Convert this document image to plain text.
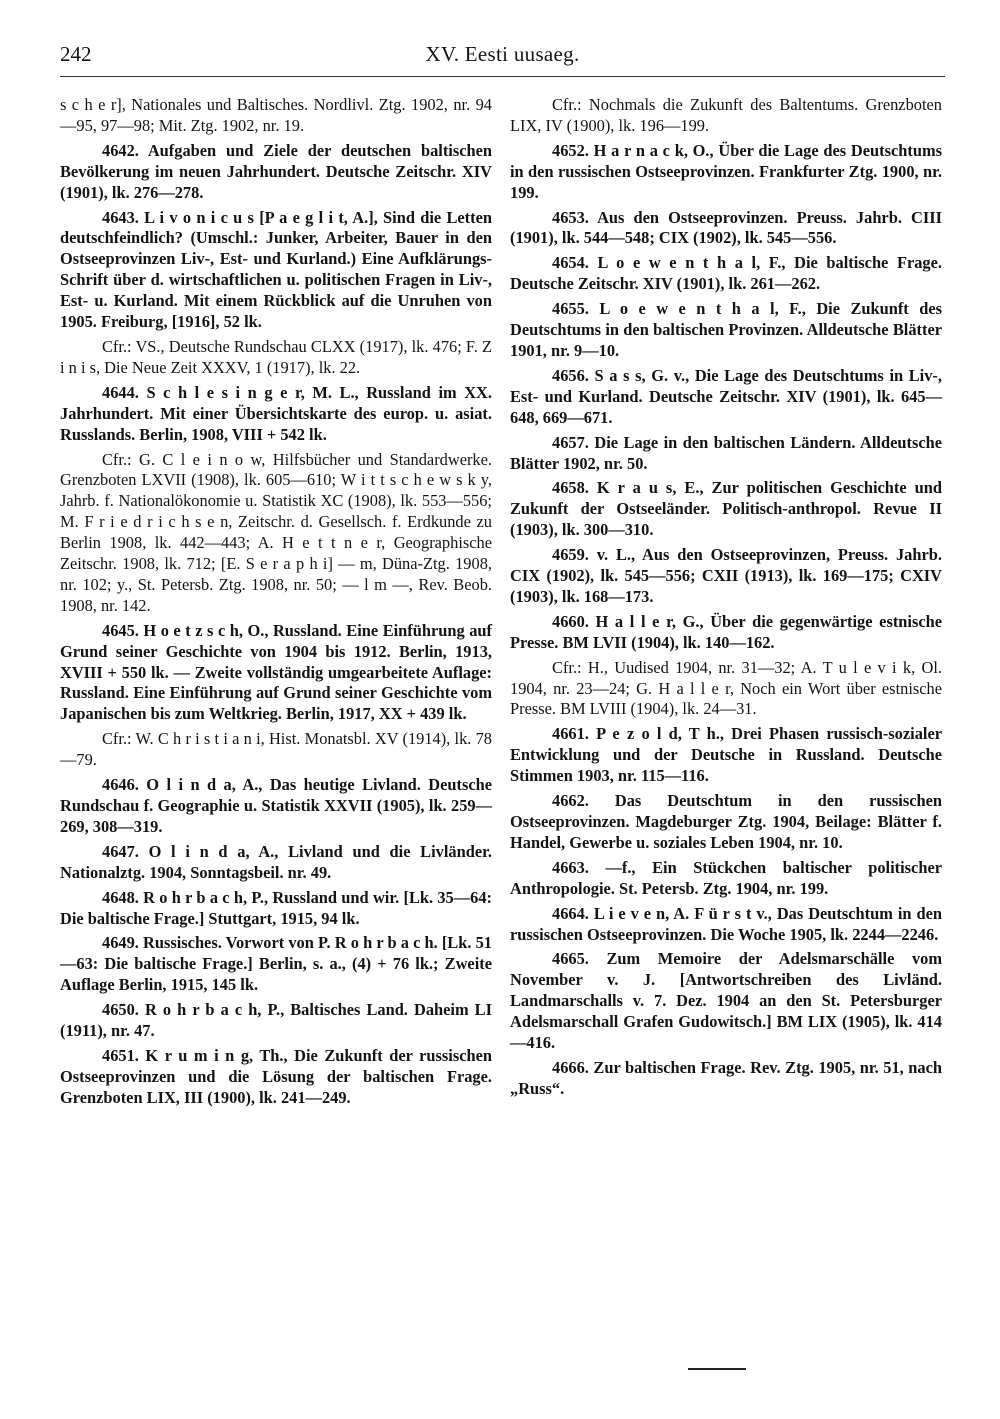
242	XV. Eesti uusaeg.

s c h e r], Nationales und Baltisches. Nordlivl. Ztg. 1902, nr. 94—95, 97—98; Mit. Ztg. 1902, nr. 19.

4642. Aufgaben und Ziele der deutschen baltischen Bevölkerung im neuen Jahrhundert. Deutsche Zeitschr. XIV (1901), lk. 276—278.

4643. L i v o n i c u s [P a e g l i t, A.], Sind die Letten deutschfeindlich? (Umschl.: Junker, Arbeiter, Bauer in den Ostseeprovinzen Liv-, Est- und Kurland.) Eine Aufklärungs-Schrift über d. wirtschaftlichen u. politischen Fragen in Liv-, Est- u. Kurland. Mit einem Rückblick auf die Unruhen von 1905. Freiburg, [1916], 52 lk.

Cfr.: VS., Deutsche Rundschau CLXX (1917), lk. 476; F. Z i n i s, Die Neue Zeit XXXV, 1 (1917), lk. 22.

4644. S c h l e s i n g e r, M. L., Russland im XX. Jahrhundert. Mit einer Übersichtskarte des europ. u. asiat. Russlands. Berlin, 1908, VIII + 542 lk.

Cfr.: G. C l e i n o w, Hilfsbücher und Standardwerke. Grenzboten LXVII (1908), lk. 605—610; W i t t s c h e w s k y, Jahrb. f. Nationalökonomie u. Statistik XC (1908), lk. 553—556; M. F r i e d r i c h s e n, Zeitschr. d. Gesellsch. f. Erdkunde zu Berlin 1908, lk. 442—443; A. H e t t n e r, Geographische Zeitschr. 1908, lk. 712; [E. S e r a p h i] — m, Düna-Ztg. 1908, nr. 102; y., St. Petersb. Ztg. 1908, nr. 50; — l m —, Rev. Beob. 1908, nr. 142.

4645. H o e t z s c h, O., Russland. Eine Einführung auf Grund seiner Geschichte von 1904 bis 1912. Berlin, 1913, XVIII + 550 lk. — Zweite vollständig umgearbeitete Auflage: Russland. Eine Einführung auf Grund seiner Geschichte vom Japanischen bis zum Weltkrieg. Berlin, 1917, XX + 439 lk.

Cfr.: W. C h r i s t i a n i, Hist. Monatsbl. XV (1914), lk. 78—79.

4646. O l i n d a, A., Das heutige Livland. Deutsche Rundschau f. Geographie u. Statistik XXVII (1905), lk. 259—269, 308—319.

4647. O l i n d a, A., Livland und die Livländer. Nationalztg. 1904, Sonntagsbeil. nr. 49.

4648. R o h r b a c h, P., Russland und wir. [Lk. 35—64: Die baltische Frage.] Stuttgart, 1915, 94 lk.

4649. Russisches. Vorwort von P. R o h r b a c h. [Lk. 51—63: Die baltische Frage.] Berlin, s. a., (4) + 76 lk.; Zweite Auflage Berlin, 1915, 145 lk.

4650. R o h r b a c h, P., Baltisches Land. Daheim LI (1911), nr. 47.

4651. K r u m i n g, Th., Die Zukunft der russischen Ostseeprovinzen und die Lösung der baltischen Frage. Grenzboten LIX, III (1900), lk. 241—249.

Cfr.: Nochmals die Zukunft des Baltentums. Grenzboten LIX, IV (1900), lk. 196—199.

4652. H a r n a c k, O., Über die Lage des Deutschtums in den russischen Ostseeprovinzen. Frankfurter Ztg. 1900, nr. 199.

4653. Aus den Ostseeprovinzen. Preuss. Jahrb. CIII (1901), lk. 544—548; CIX (1902), lk. 545—556.

4654. L o e w e n t h a l, F., Die baltische Frage. Deutsche Zeitschr. XIV (1901), lk. 261—262.

4655. L o e w e n t h a l, F., Die Zukunft des Deutschtums in den baltischen Provinzen. Alldeutsche Blätter 1901, nr. 9—10.

4656. S a s s, G. v., Die Lage des Deutschtums in Liv-, Est- und Kurland. Deutsche Zeitschr. XIV (1901), lk. 645—648, 669—671.

4657. Die Lage in den baltischen Ländern. Alldeutsche Blätter 1902, nr. 50.

4658. K r a u s, E., Zur politischen Geschichte und Zukunft der Ostseeländer. Politisch-anthropol. Revue II (1903), lk. 300—310.

4659. v. L., Aus den Ostseeprovinzen, Preuss. Jahrb. CIX (1902), lk. 545—556; CXII (1913), lk. 169—175; CXIV (1903), lk. 168—173.

4660. H a l l e r, G., Über die gegenwärtige estnische Presse. BM LVII (1904), lk. 140—162.

Cfr.: H., Uudised 1904, nr. 31—32; A. T u l e v i k, Ol. 1904, nr. 23—24; G. H a l l e r, Noch ein Wort über estnische Presse. BM LVIII (1904), lk. 24—31.

4661. P e z o l d, T h., Drei Phasen russisch-sozialer Entwicklung und der Deutsche in Russland. Deutsche Stimmen 1903, nr. 115—116.

4662. Das Deutschtum in den russischen Ostseeprovinzen. Magdeburger Ztg. 1904, Beilage: Blätter f. Handel, Gewerbe u. soziales Leben 1904, nr. 10.

4663. —f., Ein Stückchen baltischer politischer Anthropologie. St. Petersb. Ztg. 1904, nr. 199.

4664. L i e v e n, A. F ü r s t v., Das Deutschtum in den russischen Ostseeprovinzen. Die Woche 1905, lk. 2244—2246.

4665. Zum Memoire der Adelsmarschälle vom November v. J. [Antwortschreiben des Livländ. Landmarschalls v. 7. Dez. 1904 an den St. Petersburger Adelsmarschall Grafen Gudowitsch.] BM LIX (1905), lk. 414—416.

4666. Zur baltischen Frage. Rev. Ztg. 1905, nr. 51, nach „Russ“.
